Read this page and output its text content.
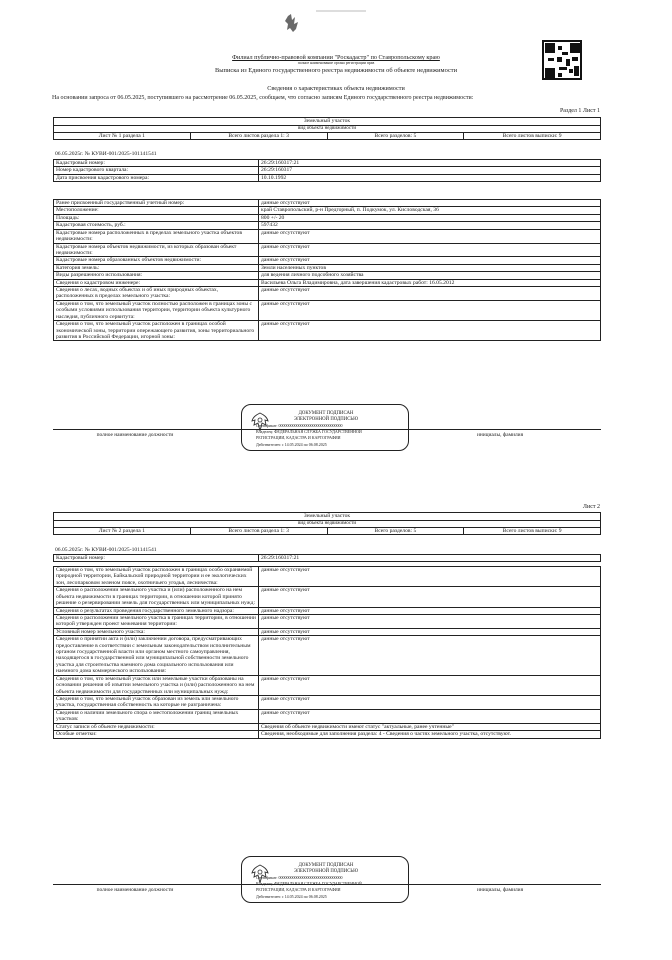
Филиал публично-правовой компании "Роскадастр" по Ставропольскому краю
полное наименование органа регистрации прав
Выписка из Единого государственного реестра недвижимости об объекте недвижимости
Сведения о характеристиках объекта недвижимости
На основании запроса от 06.05.2025, поступившего на рассмотрение 06.05.2025, сообщаем, что согласно записям Единого государственного реестра недвижимости:
Раздел 1 Лист 1
Земельный участок
вид объекта недвижимости
Лист № 1 раздела 1	Всего листов раздела 1: 3	Всего разделов: 5	Всего листов выписки: 9
06.05.2025г. № КУВИ-001/2025-101141541
Кадастровый номер:	26:29:160317:21
Номер кадастрового квартала:	26:29:160317
Дата присвоения кадастрового номера:	10.10.1992
Ранее присвоенный государственный учетный номер:	данные отсутствуют
Местоположение:	край Ставропольский, р-н Предгорный, п. Подкумок, ул. Кисловодская, 36
Площадь:	800 +/- 20
Кадастровая стоимость, руб.:	597432
Кадастровые номера расположенных в пределах земельного участка объектов недвижимости:	данные отсутствуют
Кадастровые номера объектов недвижимости, из которых образован объект недвижимости:	данные отсутствуют
Кадастровые номера образованных объектов недвижимости:	данные отсутствуют
Категория земель:	Земли населенных пунктов
Виды разрешенного использования:	для ведения личного подсобного хозяйства
Сведения о кадастровом инженере:	Васильева Ольга Владимировна, дата завершения кадастровых работ: 16.05.2012
Сведения о лесах, водных объектах и об иных природных объектах, расположенных в пределах земельного участка:	данные отсутствуют
Сведения о том, что земельный участок полностью расположен в границах зоны с особыми условиями использования территории, территории объекта культурного наследия, публичного сервитута:	данные отсутствуют
Сведения о том, что земельный участок расположен в границах особой экономической зоны, территории опережающего развития, зоны территориального развития в Российской Федерации, игорной зоны:	данные отсутствуют
ДОКУМЕНТ ПОДПИСАН
ЭЛЕКТРОННОЙ ПОДПИСЬЮ
Сертификат: 00000000000000000000000000000000
Владелец: ФЕДЕРАЛЬНАЯ СЛУЖБА ГОСУДАРСТВЕННОЙ
РЕГИСТРАЦИИ, КАДАСТРА И КАРТОГРАФИИ
Действителен: с 14.05.2024 по 06.08.2025
полное наименование должности	инициалы, фамилия
Лист 2
Земельный участок
вид объекта недвижимости
Лист № 2 раздела 1	Всего листов раздела 1: 3	Всего разделов: 5	Всего листов выписки: 9
06.05.2025г. № КУВИ-001/2025-101141541
Кадастровый номер:	26:29:160317:21
Сведения о том, что земельный участок расположен в границах особо охраняемой природной территории, Байкальской природной территории и ее экологических зон, лесопарковом зеленом поясе, охотничьего угодья, лесничества:	данные отсутствуют
Сведения о расположении земельного участка и (или) расположенного на нем объекта недвижимости в границах территории, в отношении которой принято решение о резервировании земель для государственных или муниципальных нужд:	данные отсутствуют
Сведения о результатах проведения государственного земельного надзора:	данные отсутствуют
Сведения о расположении земельного участка в границах территории, в отношении которой утвержден проект межевания территории:	данные отсутствуют
Условный номер земельного участка:	данные отсутствуют
Сведения о принятии акта и (или) заключении договора, предусматривающих предоставление в соответствии с земельным законодательством исполнительным органом государственной власти или органом местного самоуправления, находящегося в государственной или муниципальной собственности земельного участка для строительства наемного дома социального использования или наемного дома коммерческого использования:	данные отсутствуют
Сведения о том, что земельный участок или земельные участки образованы на основании решения об изъятии земельного участка и (или) расположенного на нем объекта недвижимости для государственных или муниципальных нужд:	данные отсутствуют
Сведения о том, что земельный участок образован из земель или земельного участка, государственная собственность на которые не разграничена:	данные отсутствуют
Сведения о наличии земельного спора о местоположении границ земельных участков:	данные отсутствуют
Статус записи об объекте недвижимости:	Сведения об объекте недвижимости имеют статус "актуальные, ранее учтенные"
Особые отметки:	Сведения, необходимые для заполнения раздела: 4 - Сведения о частях земельного участка, отсутствуют.
ДОКУМЕНТ ПОДПИСАН
ЭЛЕКТРОННОЙ ПОДПИСЬЮ
Сертификат: 00000000000000000000000000000000
Владелец: ФЕДЕРАЛЬНАЯ СЛУЖБА ГОСУДАРСТВЕННОЙ
РЕГИСТРАЦИИ, КАДАСТРА И КАРТОГРАФИИ
Действителен: с 14.05.2024 по 06.08.2025
полное наименование должности	инициалы, фамилия
